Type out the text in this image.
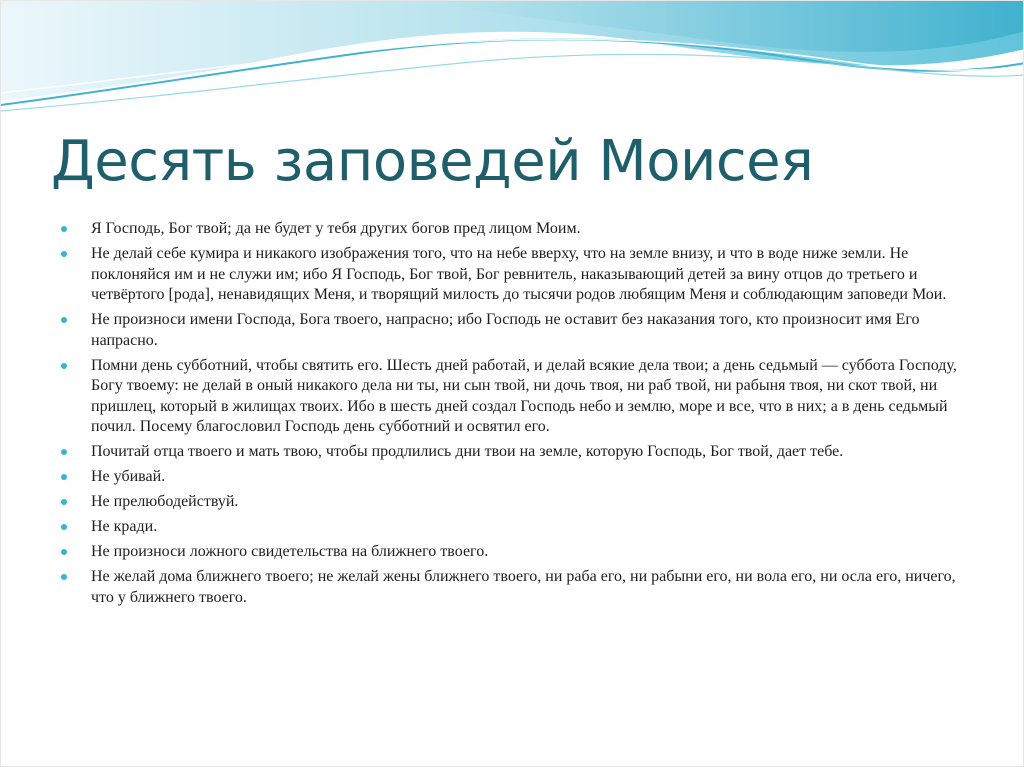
Десять заповедей Моисея
Я Господь, Бог твой; да не будет у тебя других богов пред лицом Моим.
Не делай себе кумира и никакого изображения того, что на небе вверху, что на земле внизу, и что в воде ниже земли. Не поклоняйся им и не служи им; ибо Я Господь, Бог твой, Бог ревнитель, наказывающий детей за вину отцов до третьего и четвёртого [рода], ненавидящих Меня, и творящий милость до тысячи родов любящим Меня и соблюдающим заповеди Мои.
Не произноси имени Господа, Бога твоего, напрасно; ибо Господь не оставит без наказания того, кто произносит имя Его напрасно.
Помни день субботний, чтобы святить его. Шесть дней работай, и делай всякие дела твои; а день седьмый — суббота Господу, Богу твоему: не делай в оный никакого дела ни ты, ни сын твой, ни дочь твоя, ни раб твой, ни рабыня твоя, ни скот твой, ни пришлец, который в жилищах твоих. Ибо в шесть дней создал Господь небо и землю, море и все, что в них; а в день седьмый почил. Посему благословил Господь день субботний и освятил его.
Почитай отца твоего и мать твою, чтобы продлились дни твои на земле, которую Господь, Бог твой, дает тебе.
Не убивай.
Не прелюбодействуй.
Не кради.
Не произноси ложного свидетельства на ближнего твоего.
Не желай дома ближнего твоего; не желай жены ближнего твоего, ни раба его, ни рабыни его, ни вола его, ни осла его, ничего, что у ближнего твоего.
